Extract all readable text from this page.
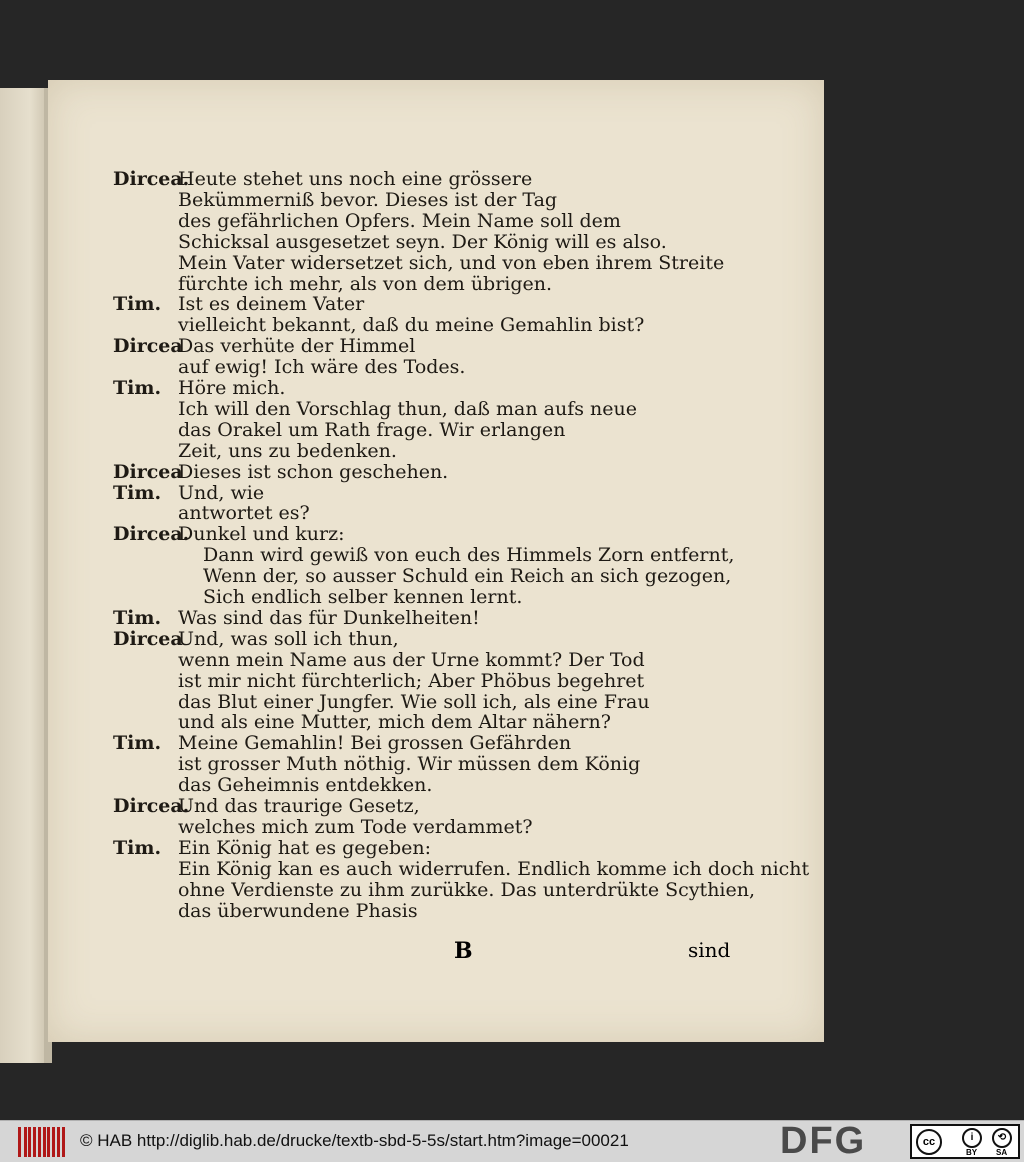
Dircea.
Heute stehet uns noch eine grössere
Bekümmerniß bevor. Dieses ist der Tag
des gefährlichen Opfers. Mein Name soll dem
Schicksal ausgesetzet seyn. Der König will es also.
Mein Vater widersetzet sich, und von eben ihrem Streite
fürchte ich mehr, als von dem übrigen.
Tim. Ist es deinem Vater
vielleicht bekannt, daß du meine Gemahlin bist?
Dircea
Das verhüte der Himmel
auf ewig! Ich wäre des Todes.
Tim. Höre mich.
Ich will den Vorschlag thun, daß man aufs neue
das Orakel um Rath frage. Wir erlangen
Zeit, uns zu bedenken.
Dircea
Dieses ist schon geschehen.
Tim. Und, wie
antwortet es?
Dircea.
Dunkel und kurz:
Dann wird gewiß von euch des Himmels Zorn entfernt,
Wenn der, so ausser Schuld ein Reich an sich gezogen,
Sich endlich selber kennen lernt.
Tim. Was sind das für Dunkelheiten!
Dircea
Und, was soll ich thun,
wenn mein Name aus der Urne kommt? Der Tod
ist mir nicht fürchterlich; Aber Phöbus begehret
das Blut einer Jungfer. Wie soll ich, als eine Frau
und als eine Mutter, mich dem Altar nähern?
Tim. Meine Gemahlin! Bei grossen Gefährden
ist grosser Muth nöthig. Wir müssen dem König
das Geheimnis entdekken.
Dircea.
Und das traurige Gesetz,
welches mich zum Tode verdammet?
Tim. Ein König hat es gegeben:
Ein König kan es auch widerrufen. Endlich komme ich doch nicht
ohne Verdienste zu ihm zurükke. Das unterdrükte Scythien,
das überwundene Phasis
B	sind
© HAB http://diglib.hab.de/drucke/textb-sbd-5-5s/start.htm?image=00021	DFG	cc	i	⟲
BY SA
